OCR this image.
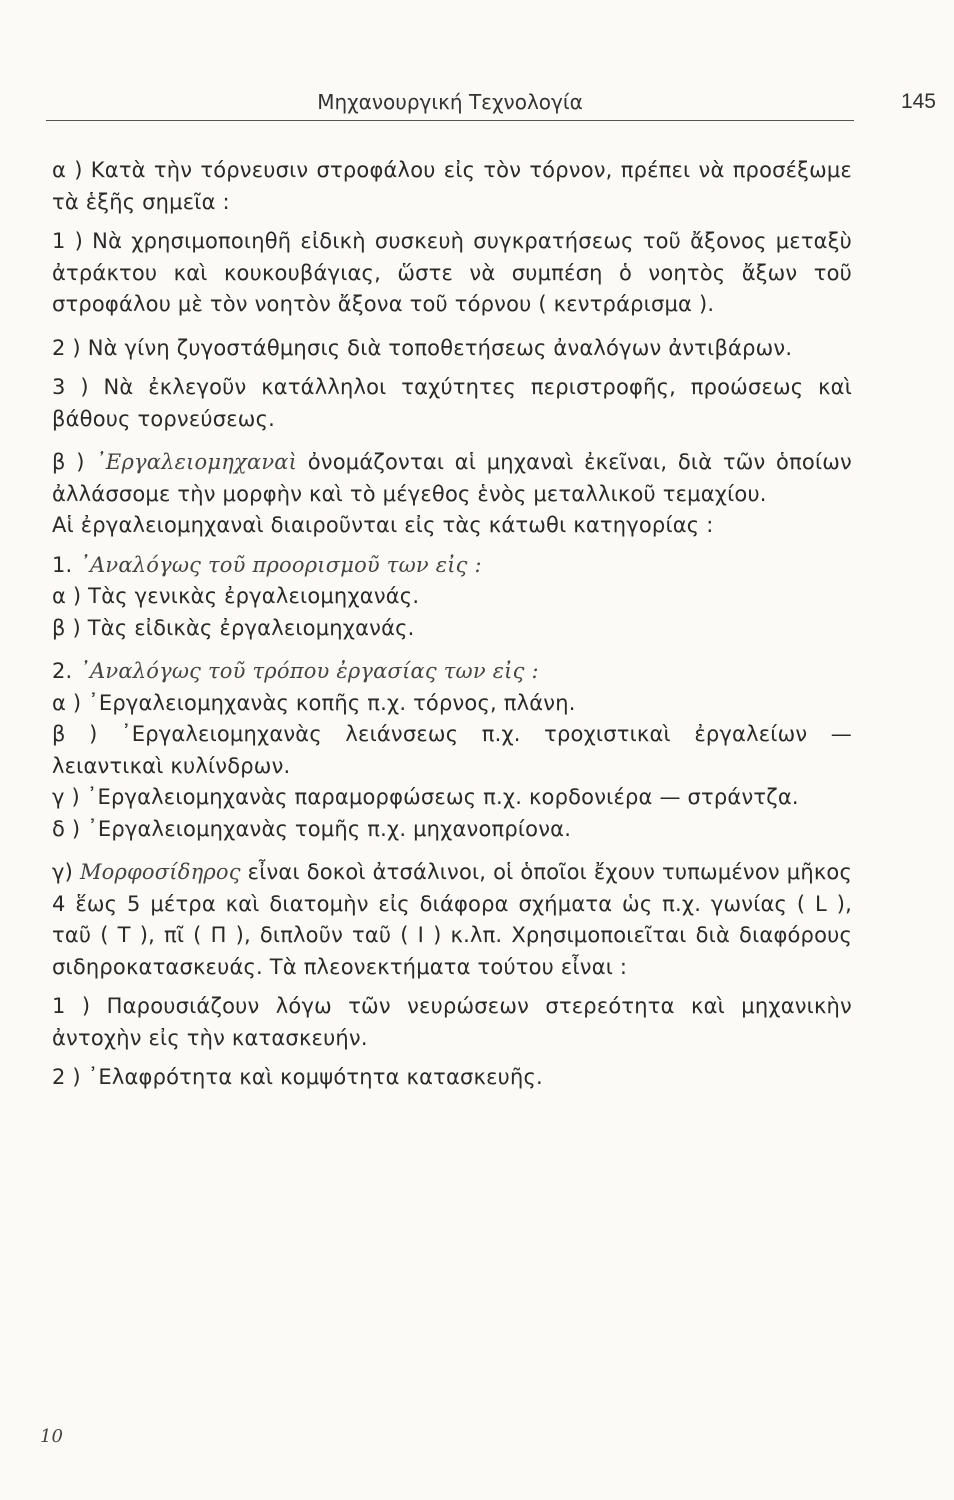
Μηχανουργική Τεχνολογία	145

α ) Κατὰ τὴν τόρνευσιν στροφάλου εἰς τὸν τόρνον, πρέπει νὰ προσέξωμε τὰ ἑξῆς σημεῖα :

1 ) Νὰ χρησιμοποιηθῆ εἰδικὴ συσκευὴ συγκρατήσεως τοῦ ἄξονος μεταξὺ ἀτράκτου καὶ κουκουβάγιας, ὥστε νὰ συμπέση ὁ νοητὸς ἄξων τοῦ στροφάλου μὲ τὸν νοητὸν ἄξονα τοῦ τόρνου ( κεντράρισμα ).

2 ) Νὰ γίνη ζυγοστάθμησις διὰ τοποθετήσεως ἀναλόγων ἀντιβάρων.

3 ) Νὰ ἐκλεγοῦν κατάλληλοι ταχύτητες περιστροφῆς, προώσεως καὶ βάθους τορνεύσεως.

β ) ᾿Εργαλειομηχαναὶ ὀνομάζονται αἱ μηχαναὶ ἐκεῖναι, διὰ τῶν ὁποίων ἀλλάσσομε τὴν μορφὴν καὶ τὸ μέγεθος ἑνὸς μεταλλικοῦ τεμαχίου.

Αἱ ἐργαλειομηχαναὶ διαιροῦνται εἰς τὰς κάτωθι κατηγορίας :

1. ᾿Αναλόγως τοῦ προορισμοῦ των εἰς :

α ) Τὰς γενικὰς ἐργαλειομηχανάς.

β ) Τὰς εἰδικὰς ἐργαλειομηχανάς.

2. ᾿Αναλόγως τοῦ τρόπου ἐργασίας των εἰς :

α ) ᾿Εργαλειομηχανὰς κοπῆς π.χ. τόρνος, πλάνη.

β ) ᾿Εργαλειομηχανὰς λειάνσεως π.χ. τροχιστικαὶ ἐργαλείων — λειαντικαὶ κυλίνδρων.

γ ) ᾿Εργαλειομηχανὰς παραμορφώσεως π.χ. κορδονιέρα — στράντζα.

δ ) ᾿Εργαλειομηχανὰς τομῆς π.χ. μηχανοπρίονα.

γ) Μορφοσίδηρος εἶναι δοκοὶ ἀτσάλινοι, οἱ ὁποῖοι ἔχουν τυπωμένον μῆκος 4 ἕως 5 μέτρα καὶ διατομὴν εἰς διάφορα σχήματα ὡς π.χ. γωνίας ( L ), ταῦ ( T ), πῖ ( Π ), διπλοῦν ταῦ ( Ι ) κ.λπ. Χρησιμοποιεῖται διὰ διαφόρους σιδηροκατασκευάς. Τὰ πλεονεκτήματα τούτου εἶναι :

1 ) Παρουσιάζουν λόγω τῶν νευρώσεων στερεότητα καὶ μηχανικὴν ἀντοχὴν εἰς τὴν κατασκευήν.

2 ) ᾿Ελαφρότητα καὶ κομψότητα κατασκευῆς.

10
